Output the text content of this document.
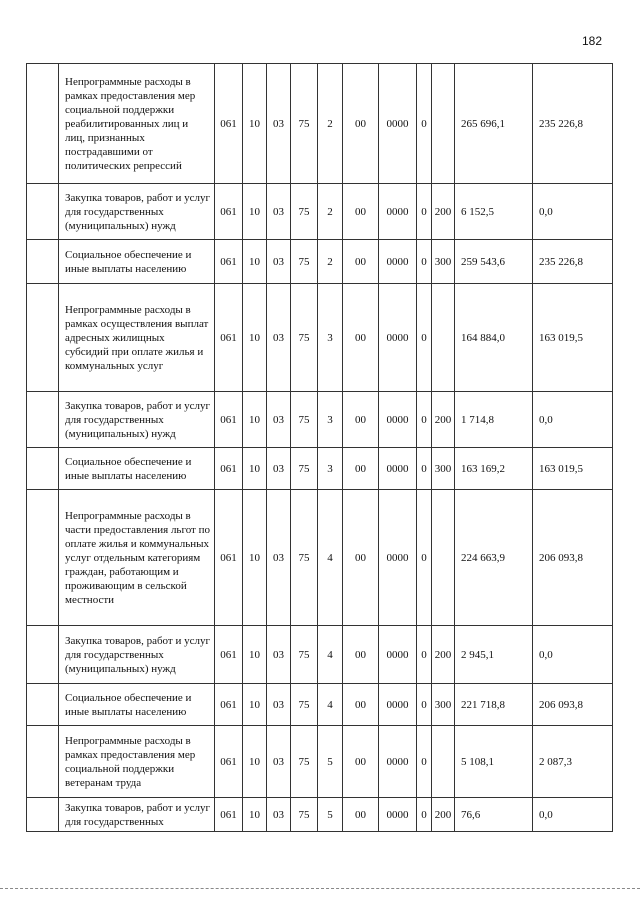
182
	Непрограммные расходы в рамках предоставления мер социальной поддержки реабилитированных лиц и лиц, признанных пострадавшими от политических репрессий	061	10	03	75	2	00	0000	0		265 696,1	235 226,8
	Закупка товаров, работ и услуг для государственных (муниципальных) нужд	061	10	03	75	2	00	0000	0	200	6 152,5	0,0
	Социальное обеспечение и иные выплаты населению	061	10	03	75	2	00	0000	0	300	259 543,6	235 226,8
	Непрограммные расходы в рамках осуществления выплат адресных жилищных субсидий при оплате жилья и коммунальных услуг	061	10	03	75	3	00	0000	0		164 884,0	163 019,5
	Закупка товаров, работ и услуг для государственных (муниципальных) нужд	061	10	03	75	3	00	0000	0	200	1 714,8	0,0
	Социальное обеспечение и иные выплаты населению	061	10	03	75	3	00	0000	0	300	163 169,2	163 019,5
	Непрограммные расходы в части предоставления льгот по оплате жилья и коммунальных услуг отдельным категориям граждан, работающим и проживающим в сельской местности	061	10	03	75	4	00	0000	0		224 663,9	206 093,8
	Закупка товаров, работ и услуг для государственных (муниципальных) нужд	061	10	03	75	4	00	0000	0	200	2 945,1	0,0
	Социальное обеспечение и иные выплаты населению	061	10	03	75	4	00	0000	0	300	221 718,8	206 093,8
	Непрограммные расходы в рамках предоставления мер социальной поддержки ветеранам труда	061	10	03	75	5	00	0000	0		5 108,1	2 087,3
	Закупка товаров, работ и услуг для государственных	061	10	03	75	5	00	0000	0	200	76,6	0,0
